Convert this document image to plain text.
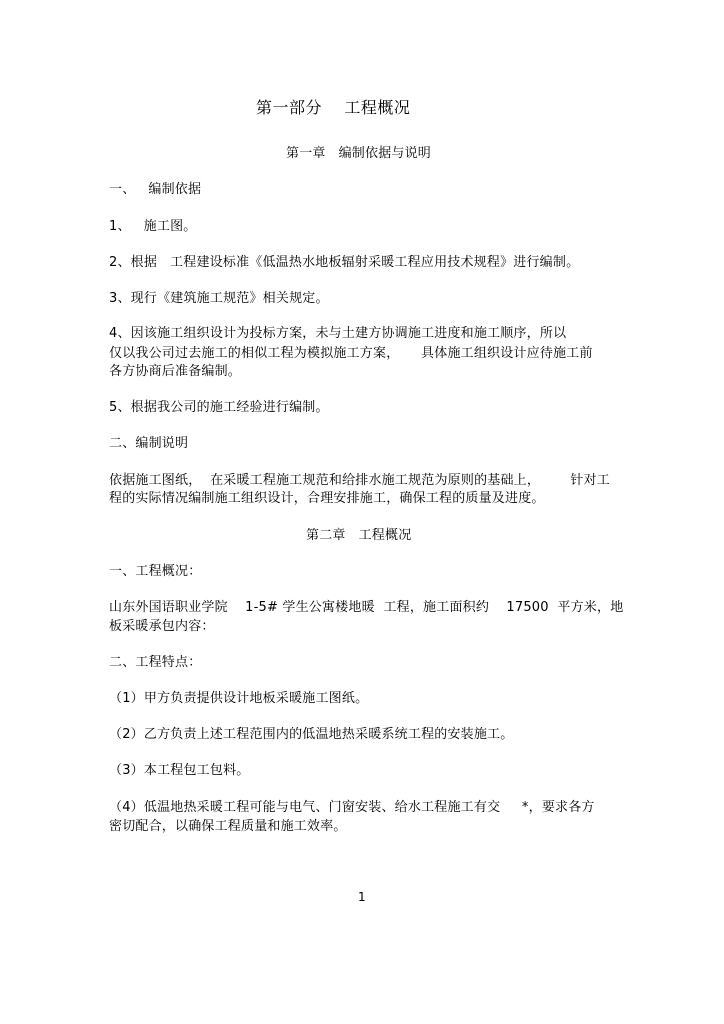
第一部分    工程概况
第一章   编制依据与说明
一、   编制依据
1、   施工图。
2、根据   工程建设标准《低温热水地板辐射采暖工程应用技术规程》进行编制。
3、现行《建筑施工规范》相关规定。
4、因该施工组织设计为投标方案，未与土建方协调施工进度和施工顺序，所以
仅以我公司过去施工的相似工程为模拟施工方案，     具体施工组织设计应待施工前
各方协商后准备编制。
5、根据我公司的施工经验进行编制。
二、编制说明
依据施工图纸，  在采暖工程施工规范和给排水施工规范为原则的基础上，       针对工
程的实际情况编制施工组织设计，合理安排施工，确保工程的质量及进度。
第二章   工程概况
一、工程概况：
山东外国语职业学院    1-5# 学生公寓楼地暖  工程，施工面积约    17500  平方米，地
板采暖承包内容：
二、工程特点：
（1）甲方负责提供设计地板采暖施工图纸。
（2）乙方负责上述工程范围内的低温地热采暖系统工程的安装施工。
（3）本工程包工包料。
（4）低温地热采暖工程可能与电气、门窗安装、给水工程施工有交     *，要求各方
密切配合，以确保工程质量和施工效率。
1
